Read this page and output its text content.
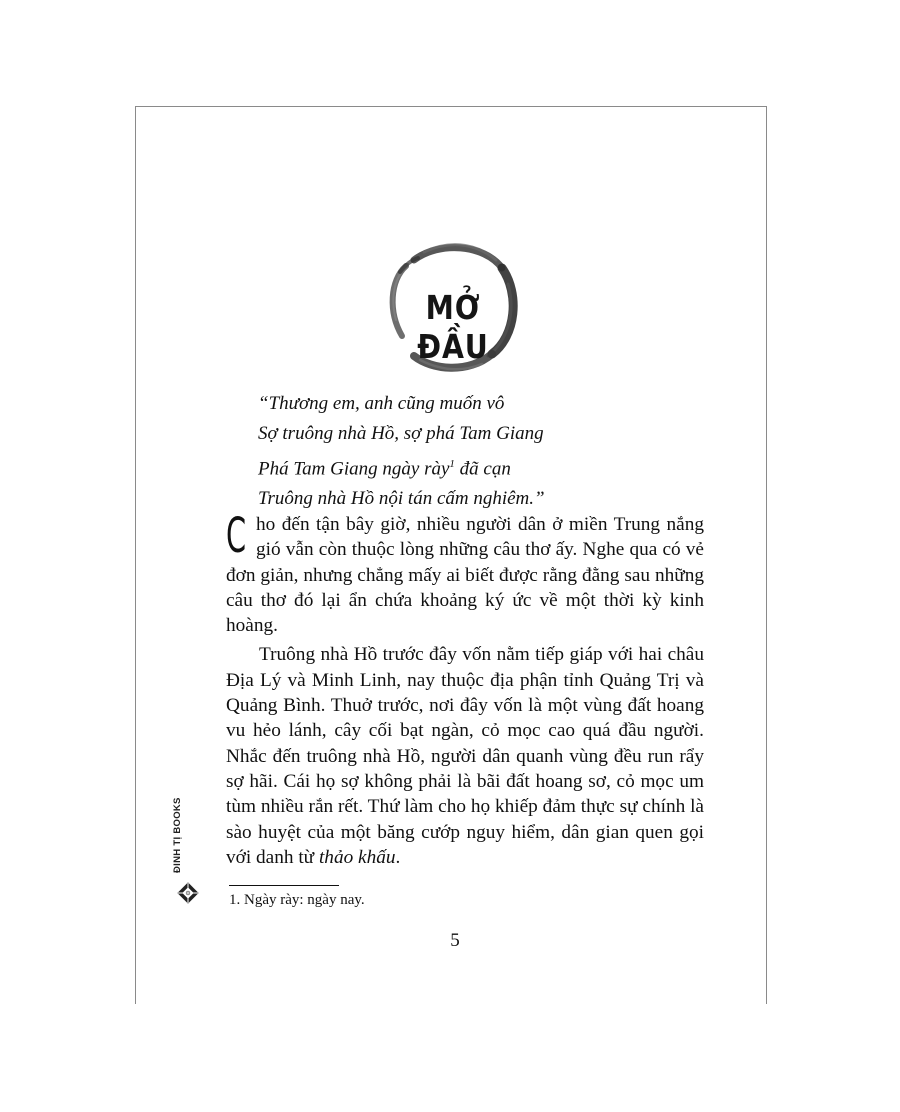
MỞ ĐẦU
“Thương em, anh cũng muốn vô
Sợ truông nhà Hồ, sợ phá Tam Giang
Phá Tam Giang ngày rày$^1$ đã cạn
Truông nhà Hồ nội tán cấm nghiêm.”

Cho đến tận bây giờ, nhiều người dân ở miền Trung nắng gió vẫn còn thuộc lòng những câu thơ ấy. Nghe qua có vẻ đơn giản, nhưng chẳng mấy ai biết được rằng đằng sau những câu thơ đó lại ẩn chứa khoảng ký ức về một thời kỳ kinh hoàng.

Truông nhà Hồ trước đây vốn nằm tiếp giáp với hai châu Địa Lý và Minh Linh, nay thuộc địa phận tỉnh Quảng Trị và Quảng Bình. Thuở trước, nơi đây vốn là một vùng đất hoang vu hẻo lánh, cây cối bạt ngàn, cỏ mọc cao quá đầu người. Nhắc đến truông nhà Hồ, người dân quanh vùng đều run rẩy sợ hãi. Cái họ sợ không phải là bãi đất hoang sơ, cỏ mọc um tùm nhiều rắn rết. Thứ làm cho họ khiếp đảm thực sự chính là sào huyệt của một băng cướp nguy hiểm, dân gian quen gọi với danh từ thảo khấu.

1. Ngày rày: ngày nay.
5
ĐINH TỊ BOOKS
